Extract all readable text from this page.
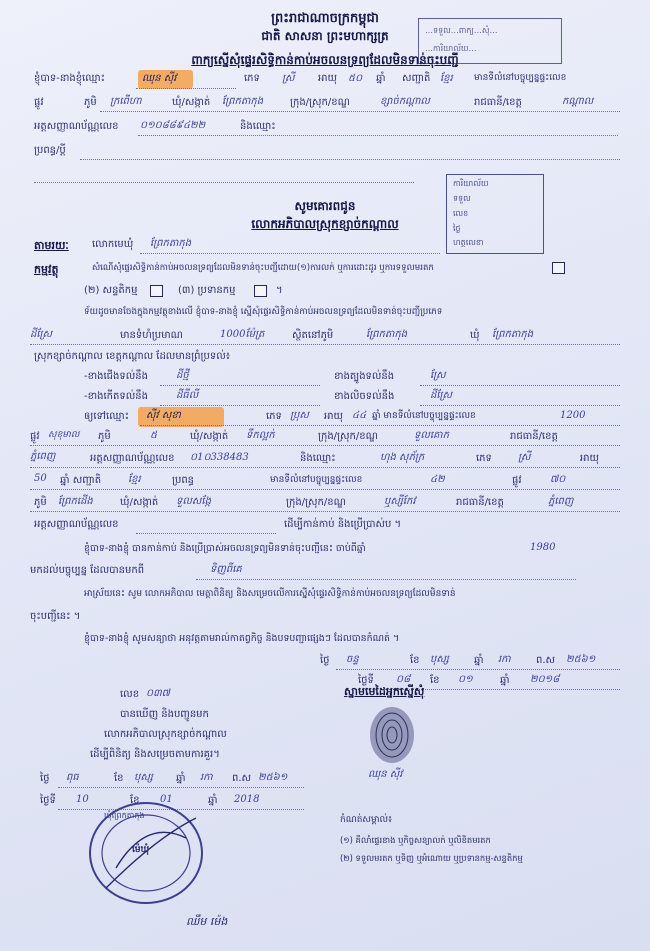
…ទទួល…ពាក្យ…សុំ…
…ការិយាល័យ…
ព្រះរាជាណាចក្រកម្ពុជា
ជាតិ សាសនា ព្រះមហាក្សត្រ
ពាក្យស្នើសុំផ្ទេរសិទ្ធិកាន់កាប់អចលនទ្រព្យដែលមិនទាន់ចុះបញ្ជី
ខ្ញុំបាទ-នាងខ្ញុំឈ្មោះ	ឈុន ស៊ីវ	ភេទ ស្រី អាយុ ៥០ ឆ្នាំ សញ្ជាតិ ខ្មែរ មានទីលំនៅបច្ចុប្បន្នផ្ទះលេខ
ផ្លូវ	ភូមិ ក្រពើហា	ឃុំ/សង្កាត់ ព្រែកតាកុង	ក្រុង/ស្រុក/ខណ្ឌ	ខ្សាច់កណ្ដាល	រាជធានី/ខេត្ត	កណ្ដាល
អត្តសញ្ញាណប័ណ្ណលេខ ០១០៨៨៩៤២២	និងឈ្មោះ
ប្រពន្ធ/ប្ដី
ការិយាល័យ
ទទួល
លេខ
ថ្ងៃ
ហត្ថលេខា
សូមគោរពជូន
លោកអភិបាលស្រុកខ្សាច់កណ្តាល
តាមរយៈ លោកមេឃុំ ព្រែកតាកុង
កម្មវត្ថុ	សំណើសុំផ្ទេរសិទ្ធិកាន់កាប់អចលនទ្រព្យដែលមិនទាន់ចុះបញ្ជីដោយ(១)ការលក់ ឬការដោះដូរ ឬការទទួលមរតក
(២) សន្ទតិកម្ម	(៣) ប្រទានកម្ម	។
ទ័យដូចមានចែងក្នុងកម្មវត្ថុខាងលើ ខ្ញុំបាទ-នាងខ្ញុំ ស្នើសុំផ្ទេរសិទ្ធិកាន់កាប់អចលនទ្រព្យដែលមិនទាន់ចុះបញ្ជីប្រភេទ
ដីស្រែ	មានទំហំប្រមាណ	1000ម៉ែត្រ	ស្ថិតនៅភូមិ	ព្រែកតាកុង	ឃុំ ព្រែកតាកុង
ស្រុកខ្សាច់កណ្ដាល ខេត្តកណ្ដាល ដែលមានព្រំប្រទល់៖
-ខាងជើងទល់នឹង	ដីថ្មី	ខាងត្បូងទល់នឹង	ស្រែ
-ខាងកើតទល់នឹង	ដីធីលី	ខាងលិចទល់នឹង	ដីស្រែ
ឲ្យទៅឈ្មោះ ស៊ីវ សុខា	ភេទ ប្រុស អាយុ ៤៤ ឆ្នាំ មានទីលំនៅបច្ចុប្បន្នផ្ទះលេខ	1200
ផ្លូវ សុខុមាល ភូមិ	៥	ឃុំ/សង្កាត់ ទឹកល្អក់	ក្រុង/ស្រុក/ខណ្ឌ	ទួលគោក	រាជធានី/ខេត្ត
ភ្នំពេញ	អត្តសញ្ញាណប័ណ្ណលេខ ០1០338483	និងឈ្មោះ	ហុង សុភ័ក្រ	ភេទ	ស្រី	អាយុ
50 ឆ្នាំ សញ្ជាតិ	ខ្មែរ	ប្រពន្ធ	មានទីលំនៅបច្ចុប្បន្នផ្ទះលេខ	៤២	ផ្លូវ	៧០
ភូមិ ព្រែកដើង	ឃុំ/សង្កាត់ ទួលសង្កែ	ក្រុង/ស្រុក/ខណ្ឌ	ឬស្សីកែវ	រាជធានី/ខេត្ត	ភ្នំពេញ
អត្តសញ្ញាណប័ណ្ណលេខ	ដើម្បីកាន់កាប់ និងប្រើប្រាស់ប ។
ខ្ញុំបាទ-នាងខ្ញុំ បានកាន់កាប់ និងប្រើប្រាស់អចលនទ្រព្យមិនទាន់ចុះបញ្ជីនេះ ចាប់ពីឆ្នាំ	1980
មកដល់បច្ចុប្បន្ន ដែលបានមកពី	ទិញពីគេ
អាស្រ័យនេះ សូម លោកអភិបាល មេត្តាពិនិត្យ និងសម្រេចលើការស្នើសុំផ្ទេរសិទ្ធិកាន់កាប់អចលនទ្រព្យដែលមិនទាន់
ចុះបញ្ជីនេះ ។
ខ្ញុំបាទ-នាងខ្ញុំ សូមសន្យាថា អនុវត្តតាមរាល់កាតព្វកិច្ច និងបទបញ្ជាផ្សេងៗ ដែលបានកំណត់ ។
ថ្ងៃ ចន្ទ	ខែ បុស្ស	ឆ្នាំ រកា	ព.ស ២៥៦១
ថ្ងៃទី ០៨ ខែ ០១	ឆ្នាំ ២០១៨
លេខ ០៣៧
បានឃើញ និងបញ្ជូនមក
លោកអភិបាលស្រុកខ្សាច់កណ្តាល
ដើម្បីពិនិត្យ និងសម្រេចតាមការគួរ។
ថ្ងៃ ពុធ	ខែ បុស្ស ឆ្នាំ រកា ព.ស ២៥៦១
ថ្ងៃទី 10	ខែ 01	ឆ្នាំ 2018
ឃុំព្រែកតាកុង
ម៉េឃុំ
ឈឹម ម៉េង
ស្នាមមេដៃអ្នកស្នើសុំ
ឈុន ស៊ីវ
កំណត់សម្គាល់៖
(១) គីលាំផ្ទេរខាង ឬកិច្ចសន្យាលក់ ឬលិខិតមរតក
(២) ទទួលមរតក ឬទិញ ឬអំណោយ ឬប្រទានកម្ម-សន្ទតិកម្ម
